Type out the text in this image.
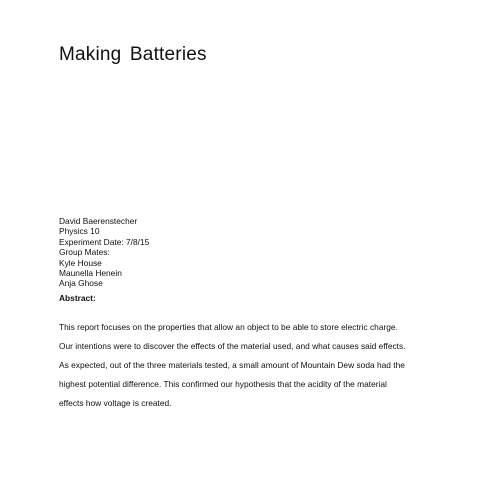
Making Batteries
David Baerenstecher
Physics 10
Experiment Date: 7/8/15
Group Mates:
Kyle House
Maunella Henein
Anja Ghose
Abstract:
This report focuses on the properties that allow an object to be able to store electric charge.
Our intentions were to discover the effects of the material used, and what causes said effects.
As expected, out of the three materials tested, a small amount of Mountain Dew soda had the
highest potential difference. This confirmed our hypothesis that the acidity of the material
effects how voltage is created.
